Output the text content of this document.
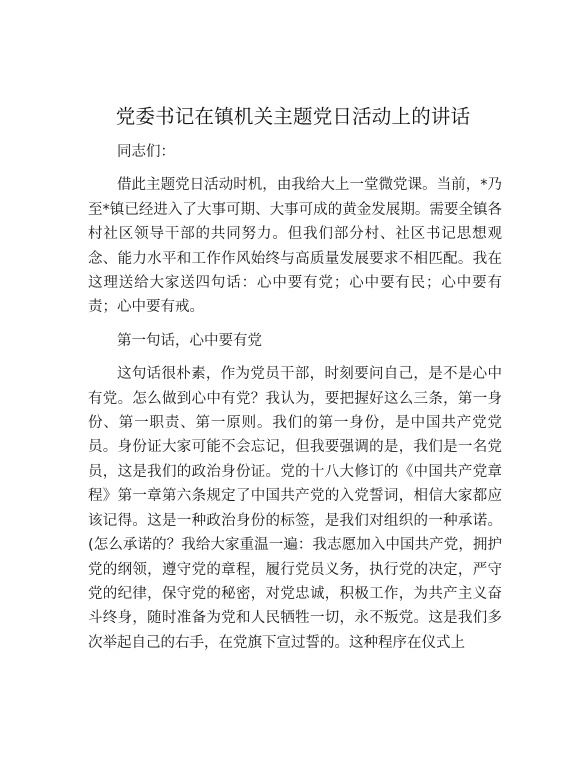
党委书记在镇机关主题党日活动上的讲话

同志们：

借此主题党日活动时机，由我给大上一堂微党课。当前，*乃至*镇已经进入了大事可期、大事可成的黄金发展期。需要全镇各村社区领导干部的共同努力。但我们部分村、社区书记思想观念、能力水平和工作作风始终与高质量发展要求不相匹配。我在这理送给大家送四句话：心中要有党；心中要有民；心中要有责；心中要有戒。

第一句话，心中要有党

这句话很朴素，作为党员干部，时刻要问自己，是不是心中有党。怎么做到心中有党？我认为，要把握好这么三条，第一身份、第一职责、第一原则。我们的第一身份，是中国共产党党员。身份证大家可能不会忘记，但我要强调的是，我们是一名党员，这是我们的政治身份证。党的十八大修订的《中国共产党章程》第一章第六条规定了中国共产党的入党誓词，相信大家都应该记得。这是一种政治身份的标签，是我们对组织的一种承诺。(怎么承诺的？我给大家重温一遍：我志愿加入中国共产党，拥护党的纲领，遵守党的章程，履行党员义务，执行党的决定，严守党的纪律，保守党的秘密，对党忠诚，积极工作，为共产主义奋斗终身，随时准备为党和人民牺牲一切，永不叛党。这是我们多次举起自己的右手，在党旗下宣过誓的。这种程序在仪式上
